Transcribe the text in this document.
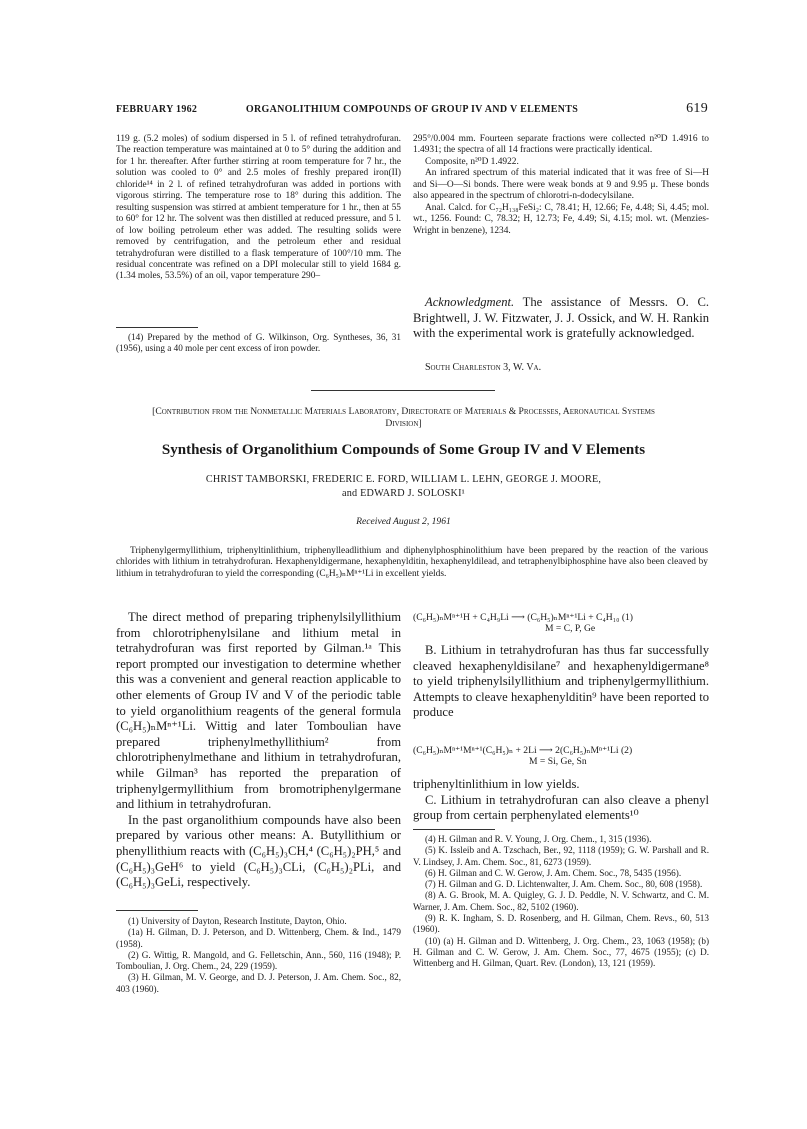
FEBRUARY 1962	ORGANOLITHIUM COMPOUNDS OF GROUP IV AND V ELEMENTS	619

119 g. (5.2 moles) of sodium dispersed in 5 l. of refined tetrahydrofuran. The reaction temperature was maintained at 0 to 5° during the addition and for 1 hr. thereafter. After further stirring at room temperature for 7 hr., the solution was cooled to 0° and 2.5 moles of freshly prepared iron(II) chloride¹⁴ in 2 l. of refined tetrahydrofuran was added in portions with vigorous stirring. The temperature rose to 18° during this addition. The resulting suspension was stirred at ambient temperature for 1 hr., then at 55 to 60° for 12 hr. The solvent was then distilled at reduced pressure, and 5 l. of low boiling petroleum ether was added. The resulting solids were removed by centrifugation, and the petroleum ether and residual tetrahydrofuran were distilled to a flask temperature of 100°/10 mm. The residual concentrate was refined on a DPI molecular still to yield 1684 g. (1.34 moles, 53.5%) of an oil, vapor temperature 290–

(14) Prepared by the method of G. Wilkinson, Org. Syntheses, 36, 31 (1956), using a 40 mole per cent excess of iron powder.

295°/0.004 mm. Fourteen separate fractions were collected n²⁰D 1.4916 to 1.4931; the spectra of all 14 fractions were practically identical.

Composite, n²⁰D 1.4922.

An infrared spectrum of this material indicated that it was free of Si—H and Si—O—Si bonds. There were weak bonds at 9 and 9.95 μ. These bonds also appeared in the spectrum of chlorotri-n-dodecylsilane.

Anal. Calcd. for C₇₂H₁₃₈FeSi₂: C, 78.41; H, 12.66; Fe, 4.48; Si, 4.45; mol. wt., 1256. Found: C, 78.32; H, 12.73; Fe, 4.49; Si, 4.15; mol. wt. (Menzies-Wright in benzene), 1234.

Acknowledgment. The assistance of Messrs. O. C. Brightwell, J. W. Fitzwater, J. J. Ossick, and W. H. Rankin with the experimental work is gratefully acknowledged.

South Charleston 3, W. Va.
[Contribution from the Nonmetallic Materials Laboratory, Directorate of Materials & Processes, Aeronautical Systems Division]
Synthesis of Organolithium Compounds of Some Group IV and V Elements
CHRIST TAMBORSKI, FREDERIC E. FORD, WILLIAM L. LEHN, GEORGE J. MOORE,
and EDWARD J. SOLOSKI¹
Received August 2, 1961
Triphenylgermyllithium, triphenyltinlithium, triphenylleadlithium and diphenylphosphinolithium have been prepared by the reaction of the various chlorides with lithium in tetrahydrofuran. Hexaphenyldigermane, hexaphenylditin, hexaphenyldilead, and tetraphenylbiphosphine have also been cleaved by lithium in tetrahydrofuran to yield the corresponding (C₆H₅)ₙMⁿ⁺¹Li in excellent yields.

The direct method of preparing triphenylsilyllithium from chlorotriphenylsilane and lithium metal in tetrahydrofuran was first reported by Gilman.¹ᵃ This report prompted our investigation to determine whether this was a convenient and general reaction applicable to other elements of Group IV and V of the periodic table to yield organolithium reagents of the general formula (C₆H₅)ₙMⁿ⁺¹Li. Wittig and later Tomboulian have prepared triphenylmethyllithium² from chlorotriphenylmethane and lithium in tetrahydrofuran, while Gilman³ has reported the preparation of triphenylgermyllithium from bromotriphenylgermane and lithium in tetrahydrofuran.

In the past organolithium compounds have also been prepared by various other means: A. Butyllithium or phenyllithium reacts with (C₆H₅)₃CH,⁴ (C₆H₅)₂PH,⁵ and (C₆H₅)₃GeH⁶ to yield (C₆H₅)₃CLi, (C₆H₅)₂PLi, and (C₆H₅)₃GeLi, respectively.

(1) University of Dayton, Research Institute, Dayton, Ohio.

(1a) H. Gilman, D. J. Peterson, and D. Wittenberg, Chem. & Ind., 1479 (1958).

(2) G. Wittig, R. Mangold, and G. Felletschin, Ann., 560, 116 (1948); P. Tomboulian, J. Org. Chem., 24, 229 (1959).

(3) H. Gilman, M. V. George, and D. J. Peterson, J. Am. Chem. Soc., 82, 403 (1960).

(C₆H₅)ₙMⁿ⁺¹H + C₄H₉Li ⟶ (C₆H₅)ₙMⁿ⁺¹Li + C₄H₁₀ (1)
M = C, P, Ge

B. Lithium in tetrahydrofuran has thus far successfully cleaved hexaphenyldisilane⁷ and hexaphenyldigermane⁸ to yield triphenylsilyllithium and triphenylgermyllithium. Attempts to cleave hexaphenylditin⁹ have been reported to produce

(C₆H₅)ₙMⁿ⁺¹Mⁿ⁺¹(C₆H₅)ₙ + 2Li ⟶ 2(C₆H₅)ₙMⁿ⁺¹Li (2)
M = Si, Ge, Sn

triphenyltinlithium in low yields.

C. Lithium in tetrahydrofuran can also cleave a phenyl group from certain perphenylated elements¹⁰

(4) H. Gilman and R. V. Young, J. Org. Chem., 1, 315 (1936).

(5) K. Issleib and A. Tzschach, Ber., 92, 1118 (1959); G. W. Parshall and R. V. Lindsey, J. Am. Chem. Soc., 81, 6273 (1959).

(6) H. Gilman and C. W. Gerow, J. Am. Chem. Soc., 78, 5435 (1956).

(7) H. Gilman and G. D. Lichtenwalter, J. Am. Chem. Soc., 80, 608 (1958).

(8) A. G. Brook, M. A. Quigley, G. J. D. Peddle, N. V. Schwartz, and C. M. Warner, J. Am. Chem. Soc., 82, 5102 (1960).

(9) R. K. Ingham, S. D. Rosenberg, and H. Gilman, Chem. Revs., 60, 513 (1960).

(10) (a) H. Gilman and D. Wittenberg, J. Org. Chem., 23, 1063 (1958); (b) H. Gilman and C. W. Gerow, J. Am. Chem. Soc., 77, 4675 (1955); (c) D. Wittenberg and H. Gilman, Quart. Rev. (London), 13, 121 (1959).
